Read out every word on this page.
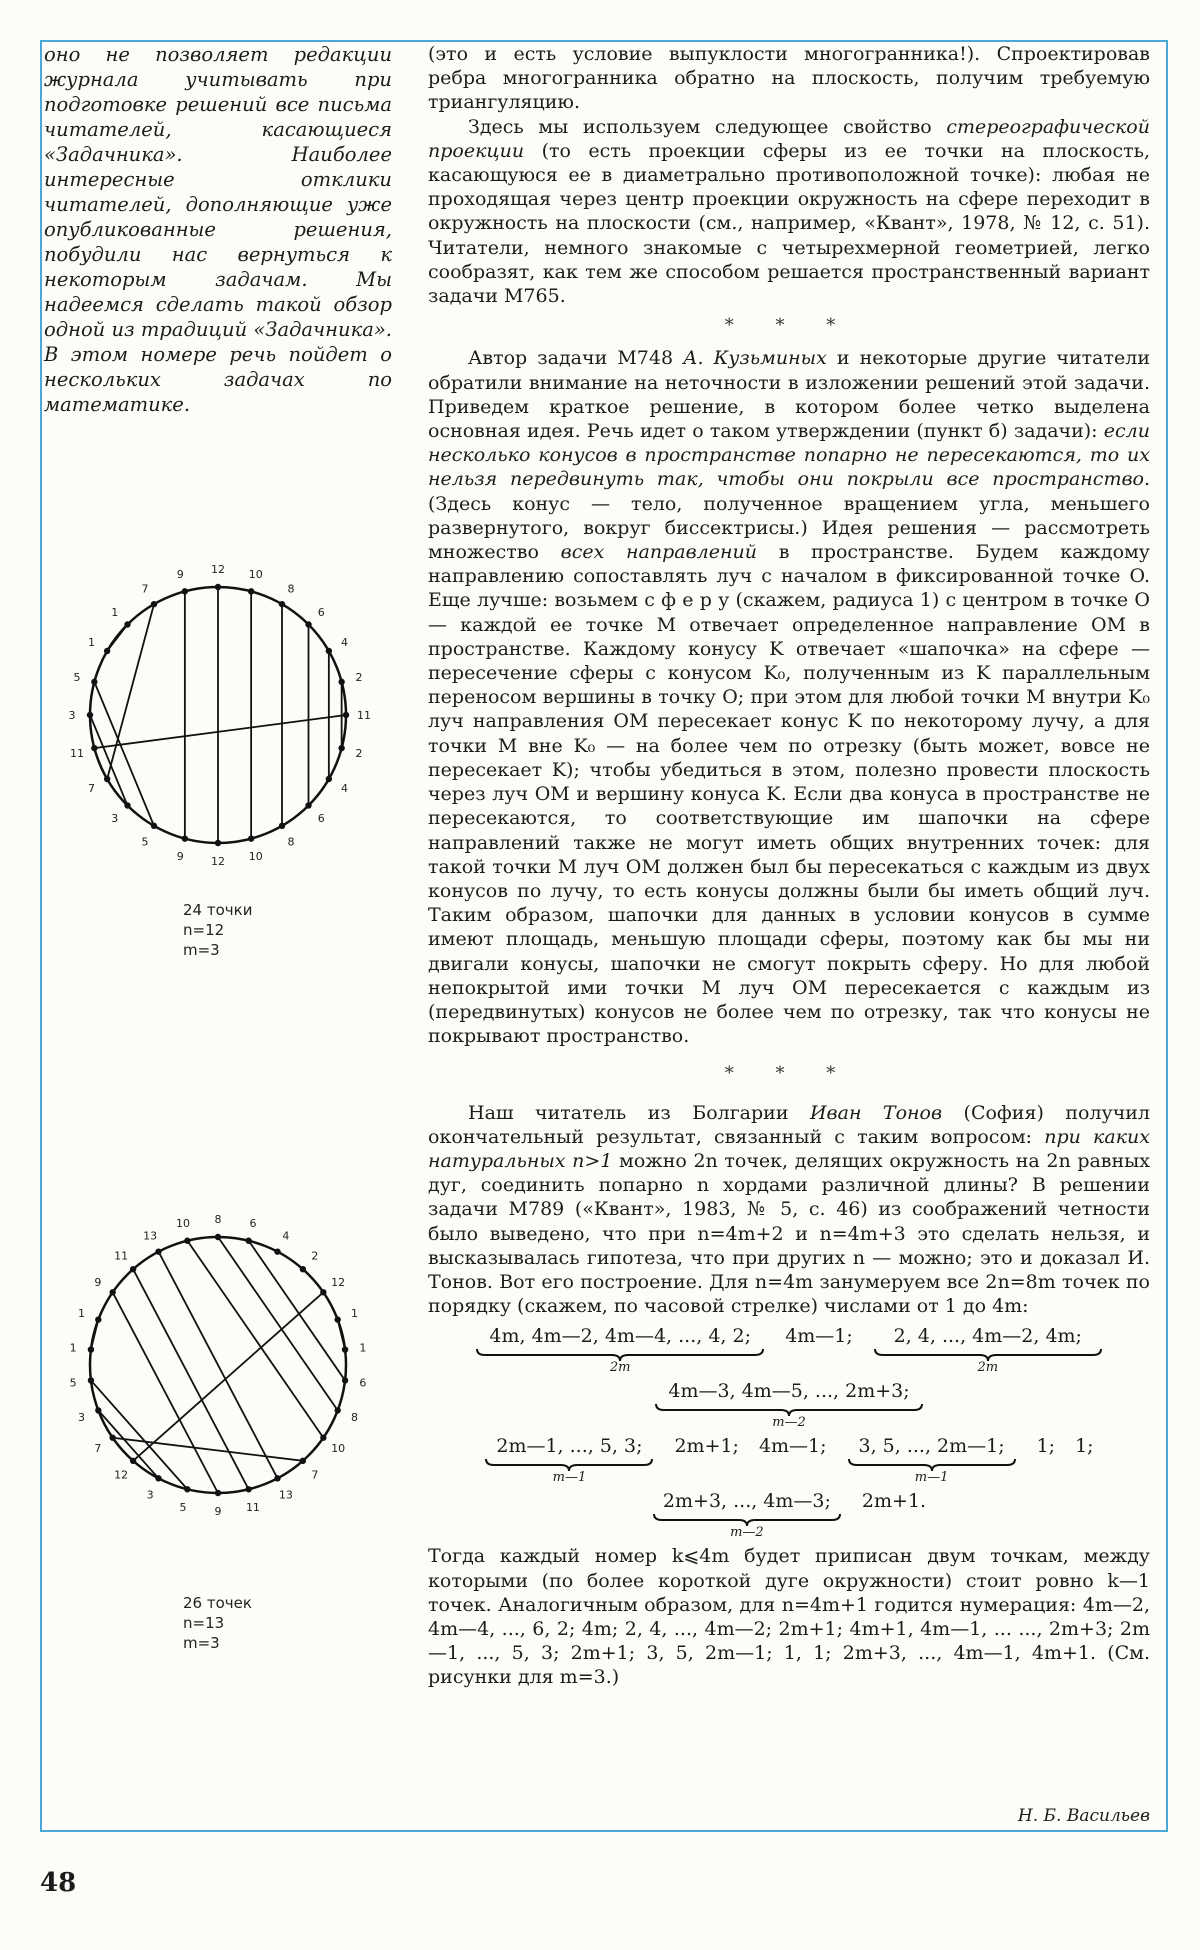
оно не позволяет редакции журнала учитывать при подготовке решений все письма читателей, касающиеся «Задачника». Наиболее интересные отклики читателей, дополняющие уже опубликованные решения, побудили нас вернуться к некоторым задачам. Мы надеемся сделать такой обзор одной из традиций «Задачника». В этом номере речь пойдет о нескольких задачах по математике.

12 10
8
6
4
2
11
2
4
6
8
10
12
9
5
3
7
11
3
5
1
1
7
9
24 точки
n=12
m=3
8	6
4
2
12
1
1
6
8
10
7
13
11
9
5
3
12
7
3
5
1
1
9
11
13
10
26 точек
n=13
m=3

(это и есть условие выпуклости многогранника!). Спроектировав ребра многогранника обратно на плоскость, получим требуемую триангуляцию.

Здесь мы используем следующее свойство стереографической проекции (то есть проекции сферы из ее точки на плоскость, касающуюся ее в диаметрально противоположной точке): любая не проходящая через центр проекции окружность на сфере переходит в окружность на плоскости (см., например, «Квант», 1978, № 12, с. 51). Читатели, немного знакомые с четырехмерной геометрией, легко сообразят, как тем же способом решается пространственный вариант задачи М765.

* * *

Автор задачи М748 А. Кузьминых и некоторые другие читатели обратили внимание на неточности в изложении решений этой задачи. Приведем краткое решение, в котором более четко выделена основная идея. Речь идет о таком утверждении (пункт б) задачи): если несколько конусов в пространстве попарно не пересекаются, то их нельзя передвинуть так, чтобы они покрыли все пространство. (Здесь конус — тело, полученное вращением угла, меньшего развернутого, вокруг биссектрисы.) Идея решения — рассмотреть множество всех направлений в пространстве. Будем каждому направлению сопоставлять луч с началом в фиксированной точке O. Еще лучше: возьмем с ф е р у (скажем, радиуса 1) с центром в точке O — каждой ее точке M отвечает определенное направление OM в пространстве. Каждому конусу K отвечает «шапочка» на сфере — пересечение сферы с конусом K₀, полученным из K параллельным переносом вершины в точку O; при этом для любой точки M внутри K₀ луч направления OM пересекает конус K по некоторому лучу, а для точки M вне K₀ — на более чем по отрезку (быть может, вовсе не пересекает K); чтобы убедиться в этом, полезно провести плоскость через луч OM и вершину конуса K. Если два конуса в пространстве не пересекаются, то соответствующие им шапочки на сфере направлений также не могут иметь общих внутренних точек: для такой точки M луч OM должен был бы пересекаться с каждым из двух конусов по лучу, то есть конусы должны были бы иметь общий луч. Таким образом, шапочки для данных в условии конусов в сумме имеют площадь, меньшую площади сферы, поэтому как бы мы ни двигали конусы, шапочки не смогут покрыть сферу. Но для любой непокрытой ими точки M луч OM пересекается с каждым из (передвинутых) конусов не более чем по отрезку, так что конусы не покрывают пространство.

* * *

Наш читатель из Болгарии Иван Тонов (София) получил окончательный результат, связанный с таким вопросом: при каких натуральных n>1 можно 2n точек, делящих окружность на 2n равных дуг, соединить попарно n хордами различной длины? В решении задачи М789 («Квант», 1983, № 5, с. 46) из соображений четности было выведено, что при n=4m+2 и n=4m+3 это сделать нельзя, и высказывалась гипотеза, что при других n — можно; это и доказал И. Тонов. Вот его построение. Для n=4m занумеруем все 2n=8m точек по порядку (скажем, по часовой стрелке) числами от 1 до 4m:

4m, 4m—2, 4m—4, ..., 4, 2;
2m
4m—1; 2, 4, ..., 4m—2, 4m;
2m
4m—3, 4m—5, ..., 2m+3;
m—2
2m—1, ..., 5, 3;
m—1
2m+1; 4m—1; 3, 5, ..., 2m—1;
m—1
1; 1;
2m+3, ..., 4m—3;
m—2
2m+1.

Тогда каждый номер k⩽4m будет приписан двум точкам, между которыми (по более короткой дуге окружности) стоит ровно k—1 точек. Аналогичным образом, для n=4m+1 годится нумерация: 4m—2, 4m—4, ..., 6, 2; 4m; 2, 4, ..., 4m—2; 2m+1; 4m+1, 4m—1, ... ..., 2m+3; 2m—1, ..., 5, 3; 2m+1; 3, 5, 2m—1; 1, 1; 2m+3, ..., 4m—1, 4m+1. (См. рисунки для m=3.)

Н. Б. Васильев
48
